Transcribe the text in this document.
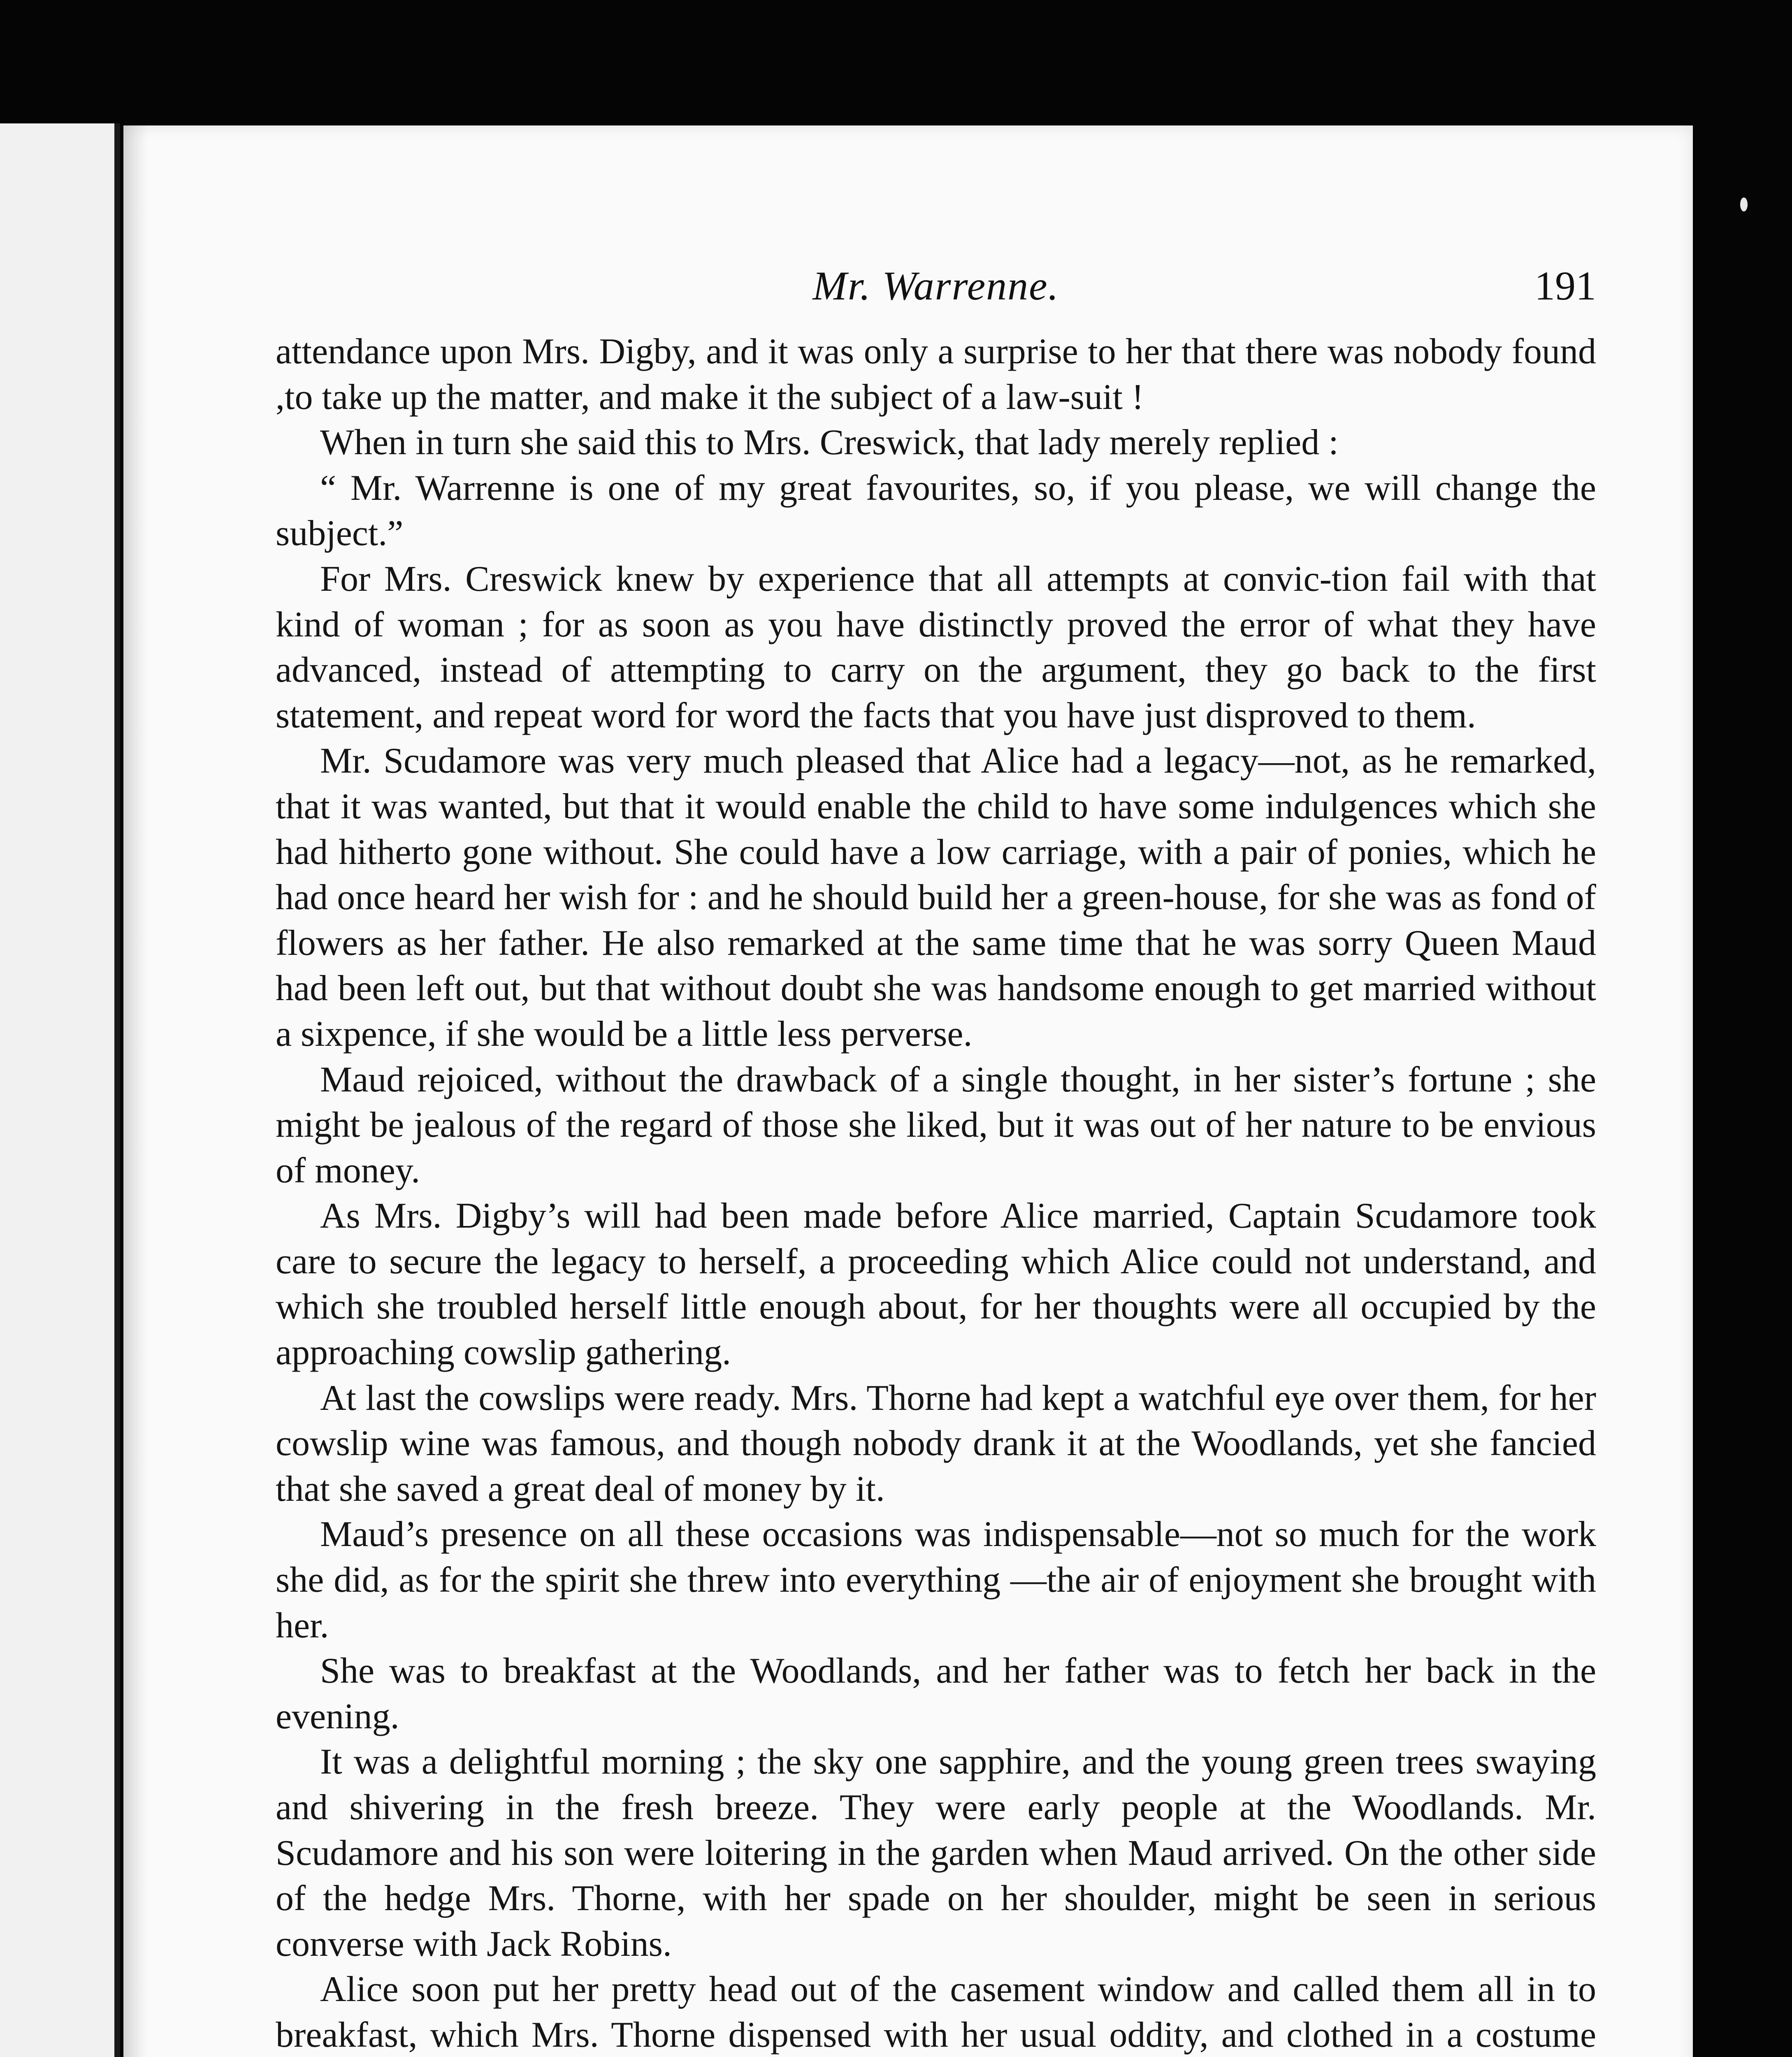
Mr. Warrenne.	191

attendance upon Mrs. Digby, and it was only a surprise to her that there was nobody found ,to take up the matter, and make it the subject of a law-suit !

When in turn she said this to Mrs. Creswick, that lady merely replied :

“ Mr. Warrenne is one of my great favourites, so, if you please, we will change the subject.”

For Mrs. Creswick knew by experience that all attempts at convic-tion fail with that kind of woman ; for as soon as you have distinctly proved the error of what they have advanced, instead of attempting to carry on the argument, they go back to the first statement, and repeat word for word the facts that you have just disproved to them.

Mr. Scudamore was very much pleased that Alice had a legacy—not, as he remarked, that it was wanted, but that it would enable the child to have some indulgences which she had hitherto gone without. She could have a low carriage, with a pair of ponies, which he had once heard her wish for : and he should build her a green-house, for she was as fond of flowers as her father. He also remarked at the same time that he was sorry Queen Maud had been left out, but that without doubt she was handsome enough to get married without a sixpence, if she would be a little less perverse.

Maud rejoiced, without the drawback of a single thought, in her sister’s fortune ; she might be jealous of the regard of those she liked, but it was out of her nature to be envious of money.

As Mrs. Digby’s will had been made before Alice married, Captain Scudamore took care to secure the legacy to herself, a proceeding which Alice could not understand, and which she troubled herself little enough about, for her thoughts were all occupied by the approaching cowslip gathering.

At last the cowslips were ready. Mrs. Thorne had kept a watchful eye over them, for her cowslip wine was famous, and though nobody drank it at the Woodlands, yet she fancied that she saved a great deal of money by it.

Maud’s presence on all these occasions was indispensable—not so much for the work she did, as for the spirit she threw into everything —the air of enjoyment she brought with her.

She was to breakfast at the Woodlands, and her father was to fetch her back in the evening.

It was a delightful morning ; the sky one sapphire, and the young green trees swaying and shivering in the fresh breeze. They were early people at the Woodlands. Mr. Scudamore and his son were loitering in the garden when Maud arrived. On the other side of the hedge Mrs. Thorne, with her spade on her shoulder, might be seen in serious converse with Jack Robins.

Alice soon put her pretty head out of the casement window and called them all in to breakfast, which Mrs. Thorne dispensed with her usual oddity, and clothed in a costume
